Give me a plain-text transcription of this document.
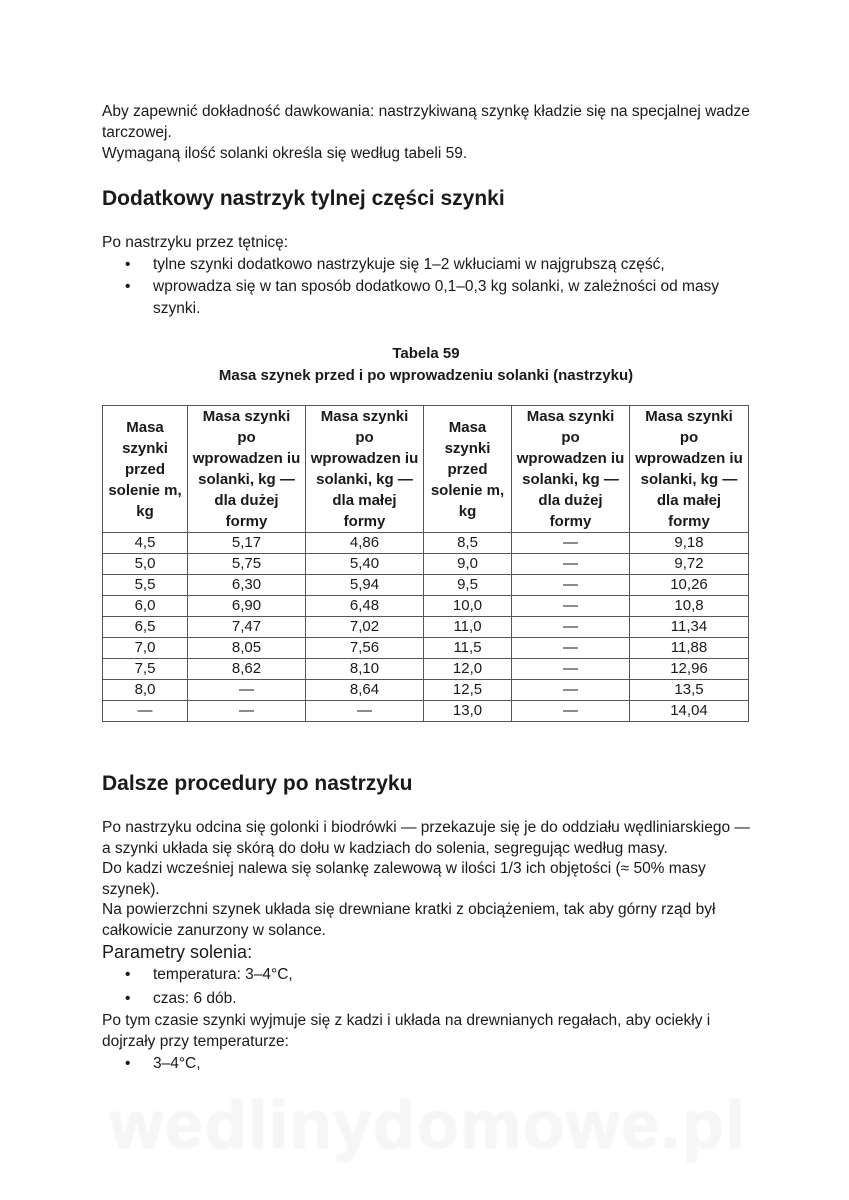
Aby zapewnić dokładność dawkowania: nastrzykiwaną szynkę kładzie się na specjalnej wadze tarczowej.

Wymaganą ilość solanki określa się według tabeli 59.

Dodatkowy nastrzyk tylnej części szynki

Po nastrzyku przez tętnicę:

• tylne szynki dodatkowo nastrzykuje się 1–2 wkłuciami w najgrubszą część,
• wprowadza się w tan sposób dodatkowo 0,1–0,3 kg solanki, w zależności od masy szynki.
Tabela 59
Masa szynek przed i po wprowadzeniu solanki (nastrzyku)
Masa szynki przed solenie m, kg	Masa szynki po wprowadzen iu solanki, kg — dla dużej formy	Masa szynki po wprowadzen iu solanki, kg — dla małej formy	Masa szynki przed solenie m, kg	Masa szynki po wprowadzen iu solanki, kg — dla dużej formy	Masa szynki po wprowadzen iu solanki, kg — dla małej formy
4,5	5,17	4,86	8,5	—	9,18
5,0	5,75	5,40	9,0	—	9,72
5,5	6,30	5,94	9,5	—	10,26
6,0	6,90	6,48	10,0	—	10,8
6,5	7,47	7,02	11,0	—	11,34
7,0	8,05	7,56	11,5	—	11,88
7,5	8,62	8,10	12,0	—	12,96
8,0	—	8,64	12,5	—	13,5
—	—	—	13,0	—	14,04
Dalsze procedury po nastrzyku

Po nastrzyku odcina się golonki i biodrówki — przekazuje się je do oddziału wędliniarskiego — a szynki układa się skórą do dołu w kadziach do solenia, segregując według masy.

Do kadzi wcześniej nalewa się solankę zalewową w ilości 1/3 ich objętości (≈ 50% masy szynek).

Na powierzchni szynek układa się drewniane kratki z obciążeniem, tak aby górny rząd był całkowicie zanurzony w solance.

Parametry solenia:

• temperatura: 3–4°C,
• czas: 6 dób.

Po tym czasie szynki wyjmuje się z kadzi i układa na drewnianych regałach, aby ociekły i dojrzały przy temperaturze:

• 3–4°C,
wedlinydomowe.pl
